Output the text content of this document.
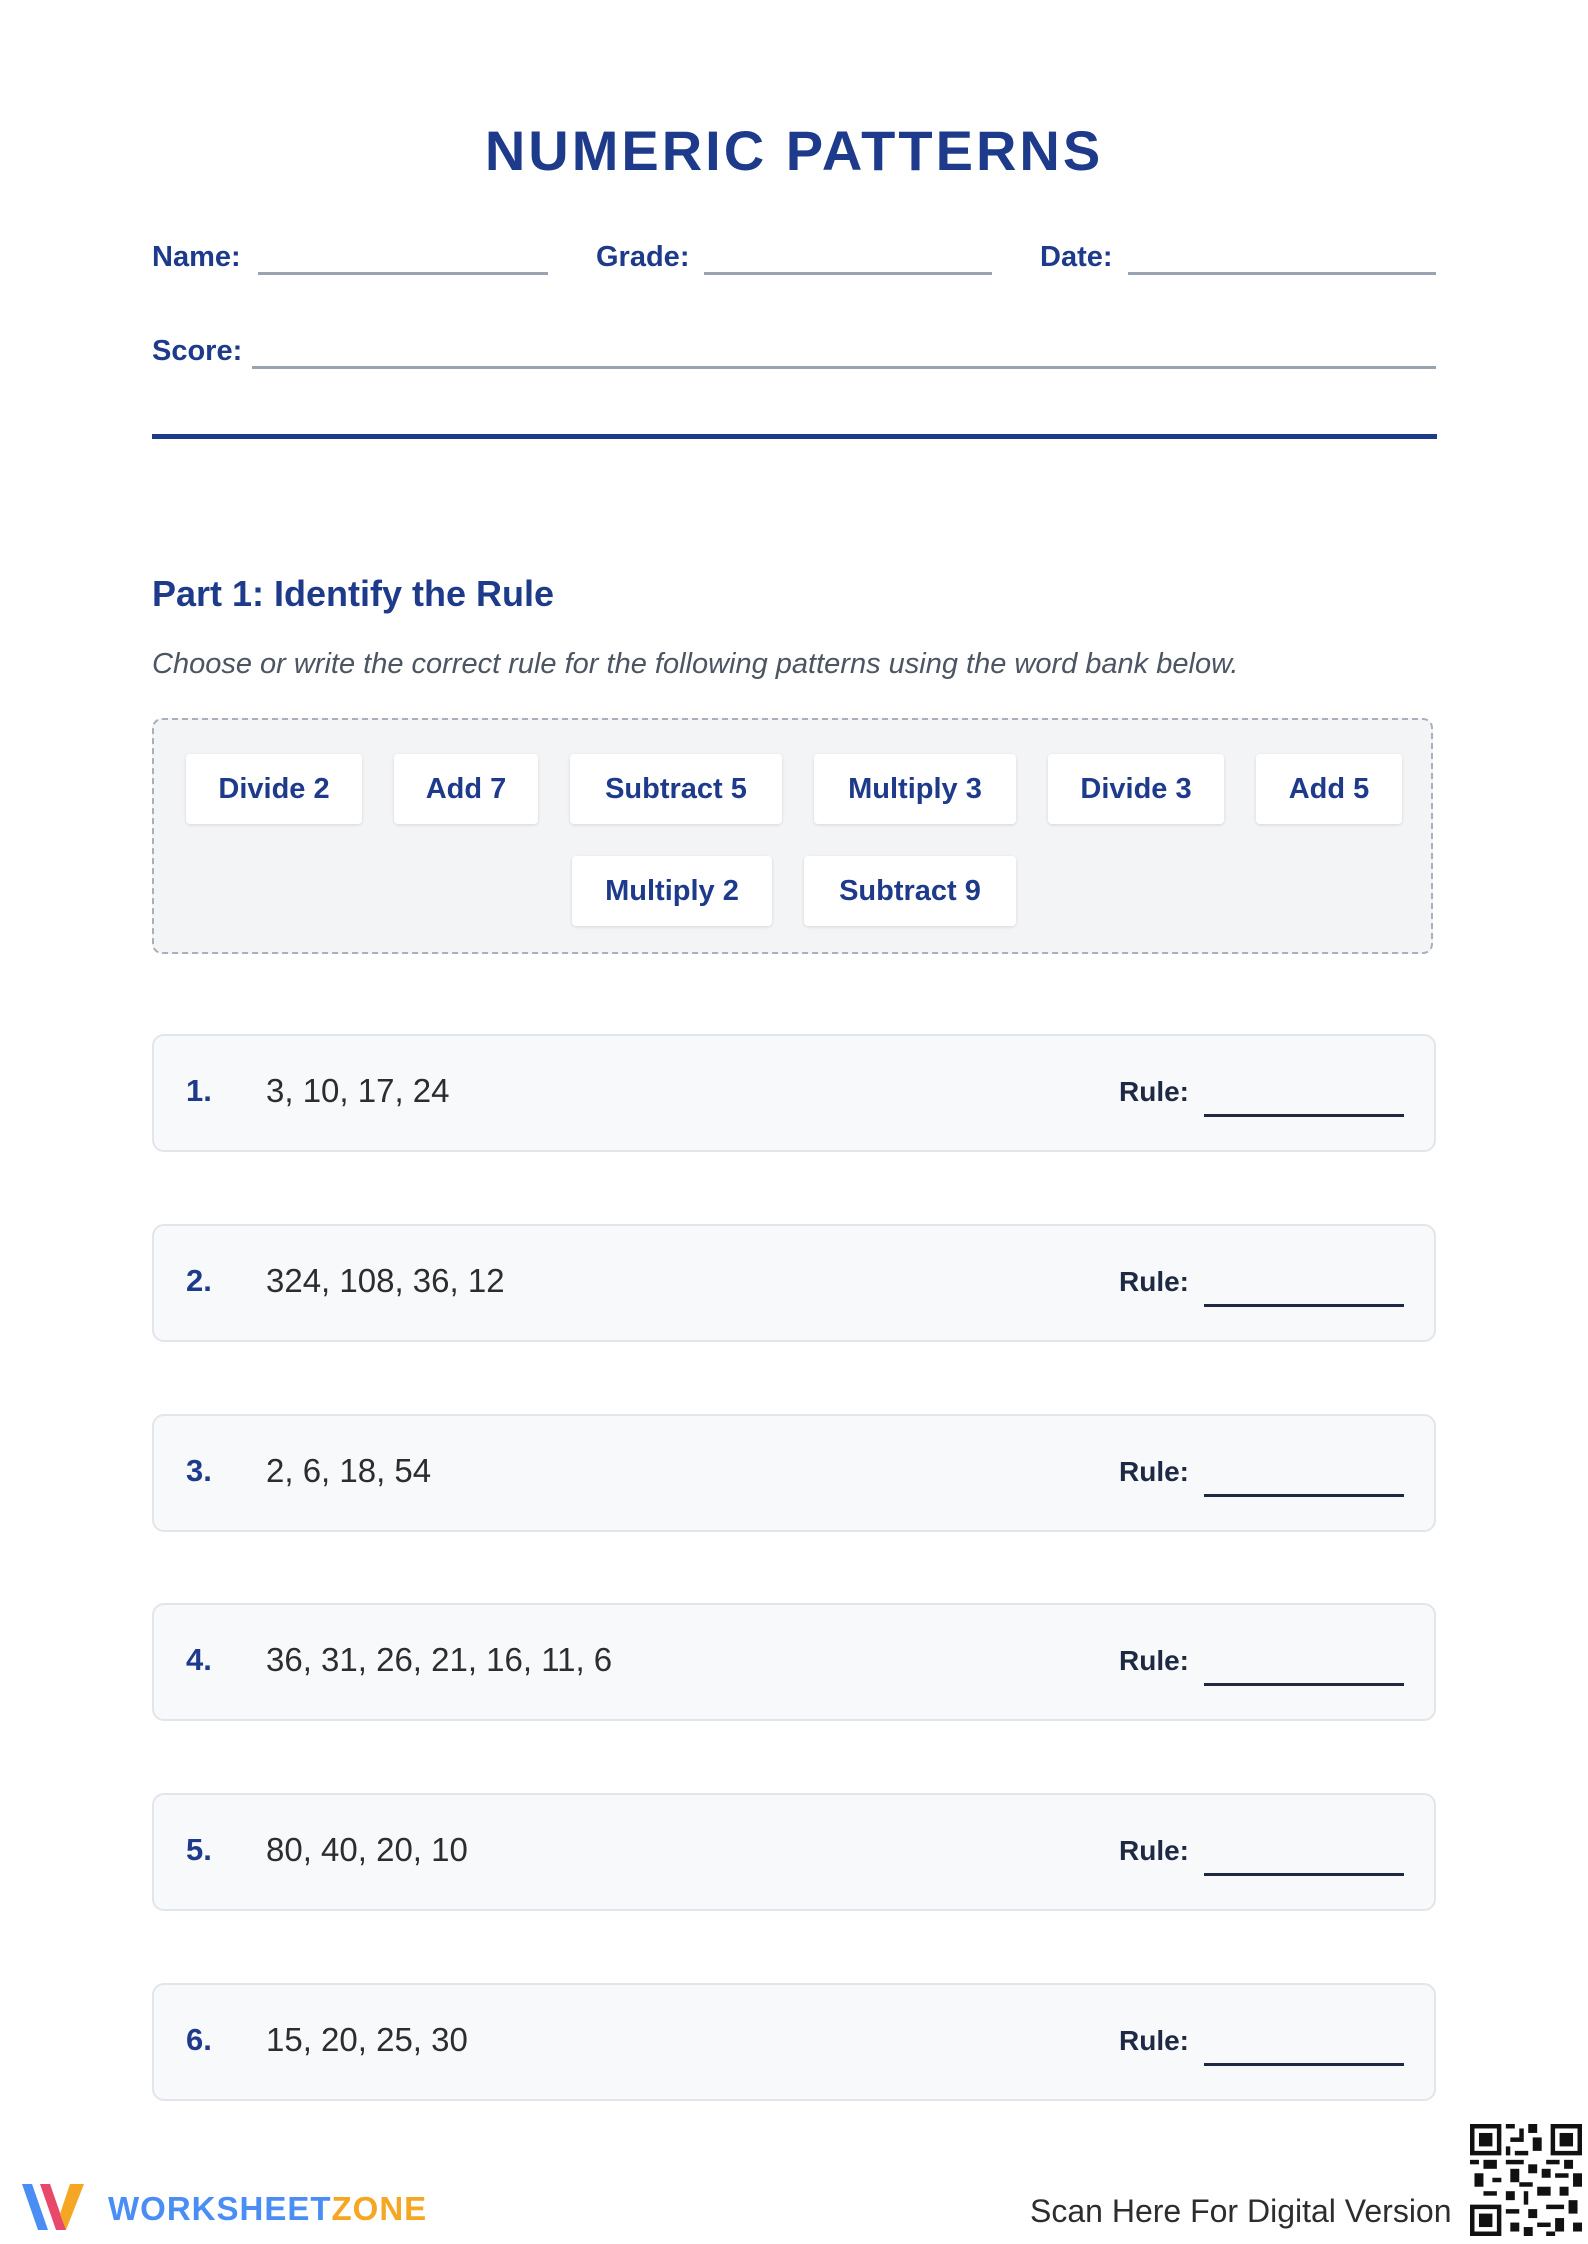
NUMERIC PATTERNS
Name:	Grade:	Date:
Score:
Part 1: Identify the Rule
Choose or write the correct rule for the following patterns using the word bank below.
Divide 2	Add 7	Subtract 5	Multiply 3	Divide 3	Add 5
Multiply 2	Subtract 9
1. 3, 10, 17, 24	Rule:
2. 324, 108, 36, 12	Rule:
3. 2, 6, 18, 54	Rule:
4. 36, 31, 26, 21, 16, 11, 6	Rule:
5. 80, 40, 20, 10	Rule:
6. 15, 20, 25, 30	Rule:
WORKSHEETZONE	Scan Here For Digital Version
